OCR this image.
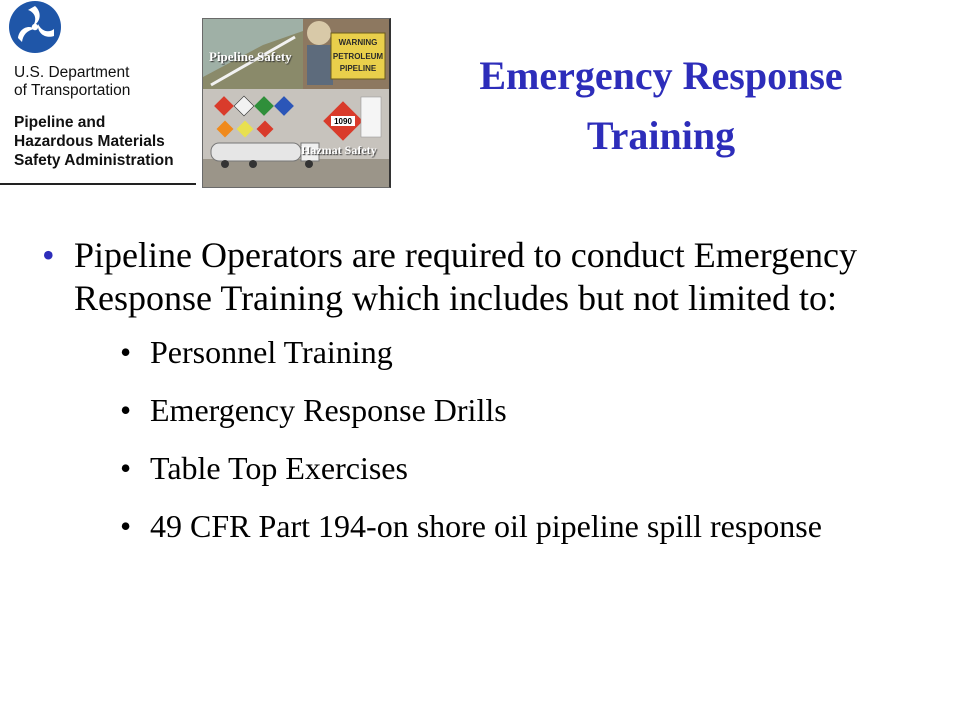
U.S. Department
of Transportation
Pipeline and
Hazardous Materials
Safety Administration
WARNING
PETROLEUM
PIPELINE
1090
Pipeline Safety
Hazmat Safety
Emergency Response
Training
• Pipeline Operators are required to conduct Emergency Response Training which includes but not limited to:
• Personnel Training
• Emergency Response Drills
• Table Top Exercises
• 49 CFR Part 194-on shore oil pipeline spill response
